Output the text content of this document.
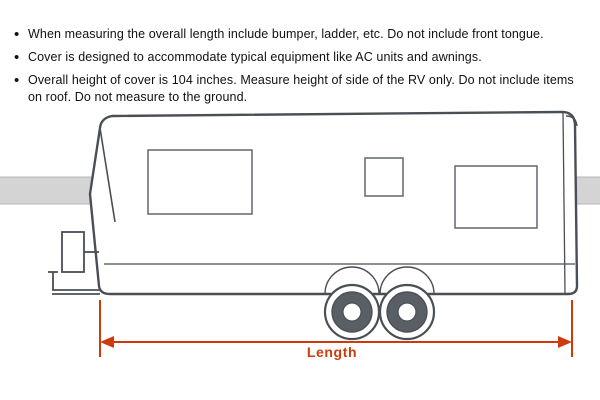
• When measuring the overall length include bumper, ladder, etc. Do not include front tongue.
• Cover is designed to accommodate typical equipment like AC units and awnings.
• Overall height of cover is 104 inches. Measure height of side of the RV only. Do not include items on roof. Do not measure to the ground.
Length
